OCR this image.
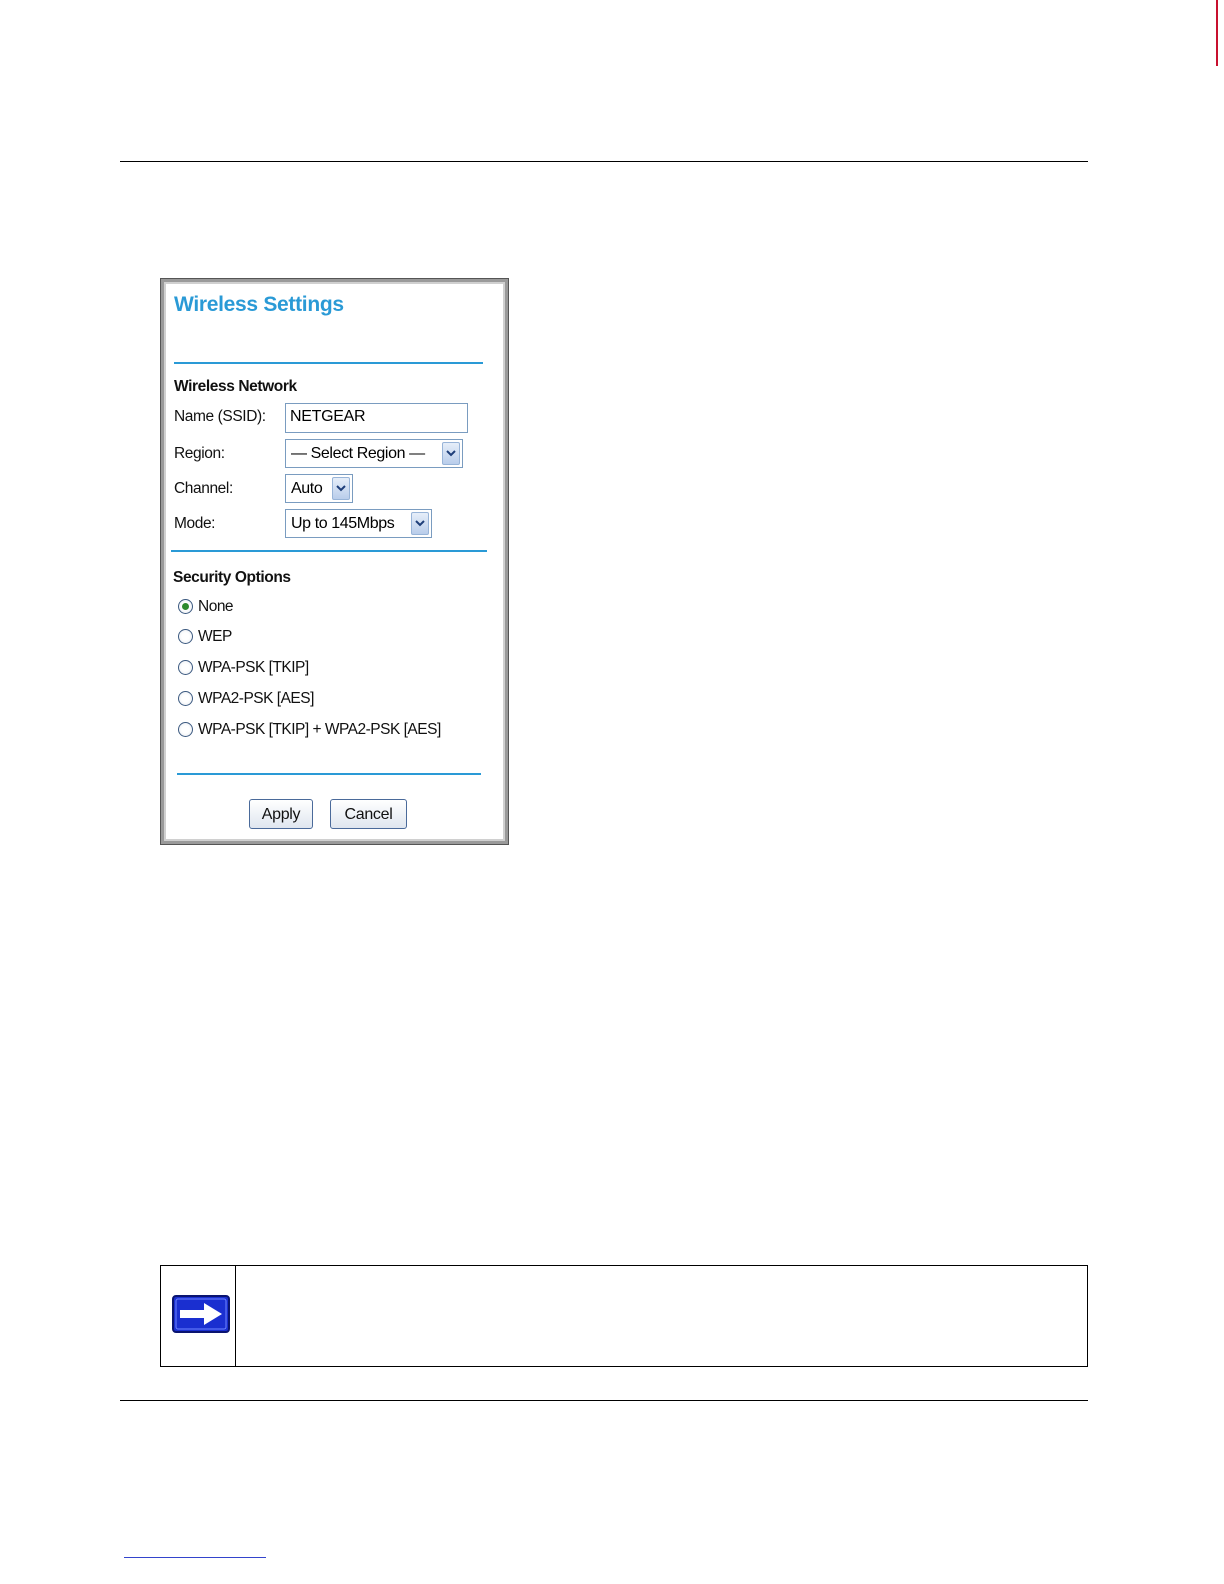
Wireless Settings
Wireless Network
Name (SSID):	NETGEAR
Region:	— Select Region —
Channel:	Auto
Mode:	Up to 145Mbps
Security Options
None
WEP
WPA-PSK [TKIP]
WPA2-PSK [AES]
WPA-PSK [TKIP] + WPA2-PSK [AES]
Apply	Cancel
